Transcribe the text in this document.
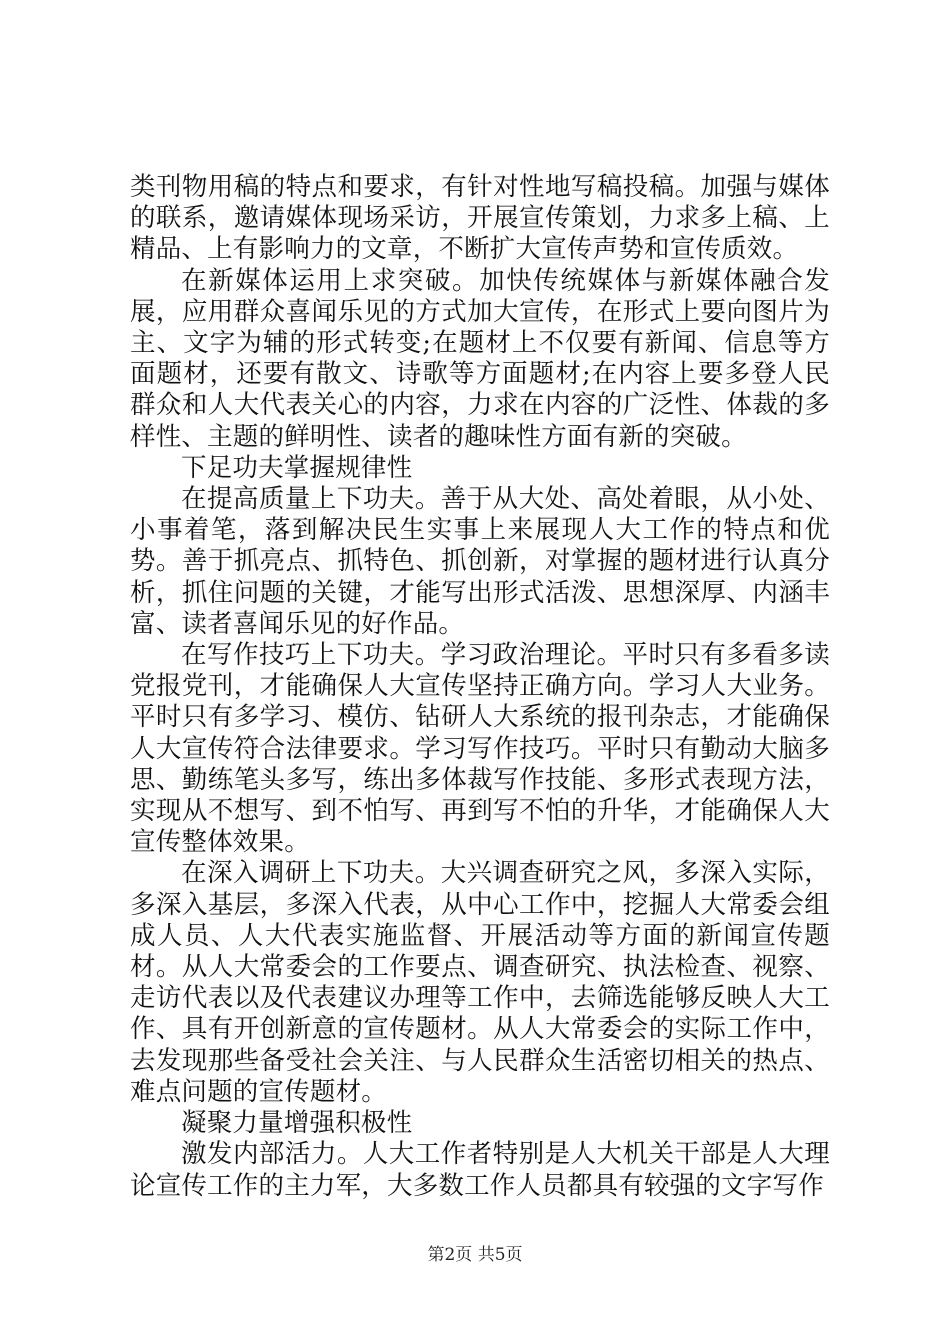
类刊物用稿的特点和要求，有针对性地写稿投稿。加强与媒体的联系，邀请媒体现场采访，开展宣传策划，力求多上稿、上精品、上有影响力的文章，不断扩大宣传声势和宣传质效。

在新媒体运用上求突破。加快传统媒体与新媒体融合发展，应用群众喜闻乐见的方式加大宣传，在形式上要向图片为主、文字为辅的形式转变;在题材上不仅要有新闻、信息等方面题材，还要有散文、诗歌等方面题材;在内容上要多登人民群众和人大代表关心的内容，力求在内容的广泛性、体裁的多样性、主题的鲜明性、读者的趣味性方面有新的突破。

下足功夫掌握规律性

在提高质量上下功夫。善于从大处、高处着眼，从小处、小事着笔，落到解决民生实事上来展现人大工作的特点和优势。善于抓亮点、抓特色、抓创新，对掌握的题材进行认真分析，抓住问题的关键，才能写出形式活泼、思想深厚、内涵丰富、读者喜闻乐见的好作品。

在写作技巧上下功夫。学习政治理论。平时只有多看多读党报党刊，才能确保人大宣传坚持正确方向。学习人大业务。平时只有多学习、模仿、钻研人大系统的报刊杂志，才能确保人大宣传符合法律要求。学习写作技巧。平时只有勤动大脑多思、勤练笔头多写，练出多体裁写作技能、多形式表现方法，实现从不想写、到不怕写、再到写不怕的升华，才能确保人大宣传整体效果。

在深入调研上下功夫。大兴调查研究之风，多深入实际，多深入基层，多深入代表，从中心工作中，挖掘人大常委会组成人员、人大代表实施监督、开展活动等方面的新闻宣传题材。从人大常委会的工作要点、调查研究、执法检查、视察、走访代表以及代表建议办理等工作中，去筛选能够反映人大工作、具有开创新意的宣传题材。从人大常委会的实际工作中，去发现那些备受社会关注、与人民群众生活密切相关的热点、难点问题的宣传题材。

凝聚力量增强积极性

激发内部活力。人大工作者特别是人大机关干部是人大理论宣传工作的主力军，大多数工作人员都具有较强的文字写作

第2页 共5页
